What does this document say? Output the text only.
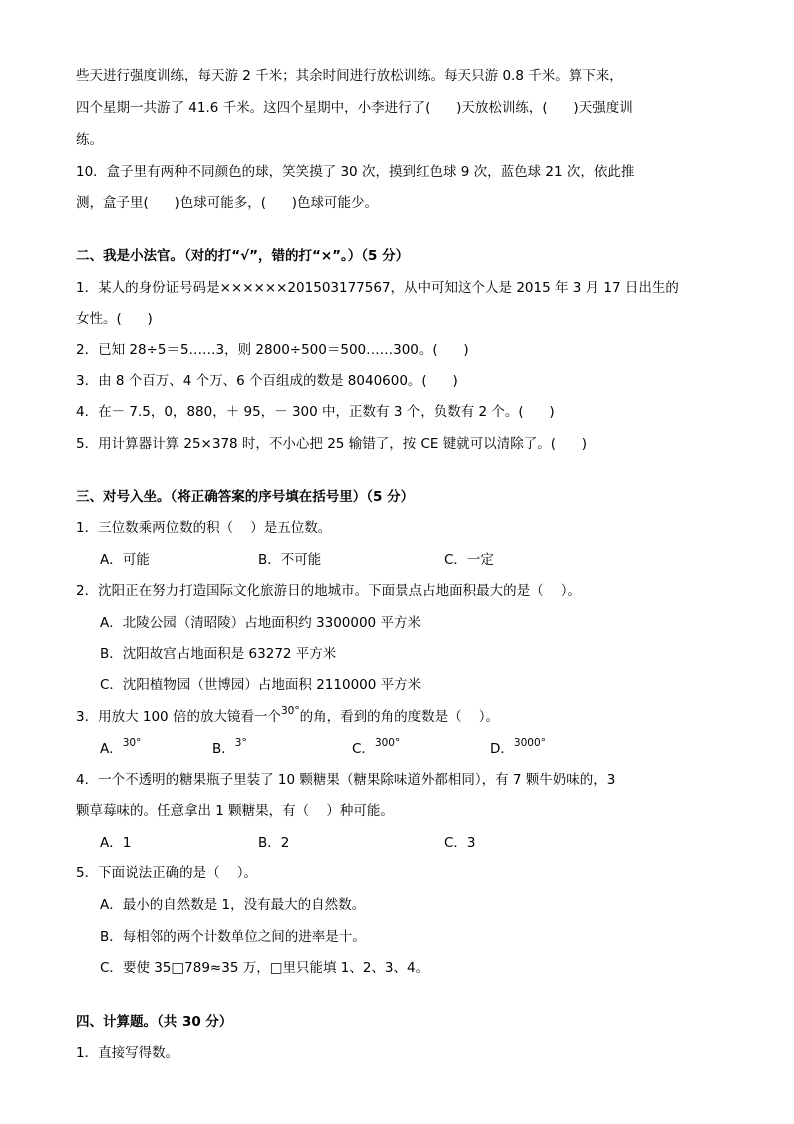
些天进行强度训练，每天游 2 千米；其余时间进行放松训练。每天只游 0.8 千米。算下来，
四个星期一共游了 41.6 千米。这四个星期中，小李进行了(      )天放松训练，(      )天强度训
练。
10．盒子里有两种不同颜色的球，笑笑摸了 30 次，摸到红色球 9 次，蓝色球 21 次，依此推
测，盒子里(      )色球可能多，(      )色球可能少。
二、我是小法官。（对的打“√”，错的打“×”。）（5 分）
1．某人的身份证号码是××××××201503177567，从中可知这个人是 2015 年 3 月 17 日出生的
女性。(      )
2．已知 28÷5＝5……3，则 2800÷500＝500……300。(      )
3．由 8 个百万、4 个万、6 个百组成的数是 8040600。(      )
4．在－ 7.5，0，880，＋ 95，－ 300 中，正数有 3 个，负数有 2 个。(      )
5．用计算器计算 25×378 时，不小心把 25 输错了，按 CE 键就可以清除了。(      )
三、对号入坐。（将正确答案的序号填在括号里）（5 分）
1．三位数乘两位数的积（    ）是五位数。
A．可能	B．不可能	C．一定
2．沈阳正在努力打造国际文化旅游日的地城市。下面景点占地面积最大的是（    ）。
A．北陵公园（清昭陵）占地面积约 3300000 平方米
B．沈阳故宫占地面积是 63272 平方米
C．沈阳植物园（世博园）占地面积 2110000 平方米
3．用放大 100 倍的放大镜看一个$^{30^\circ}$的角，看到的角的度数是（    ）。
A．$^{30^\circ}$	B．$^{3^\circ}$	C．$^{300^\circ}$	D．$^{3000^\circ}$
4．一个不透明的糖果瓶子里装了 10 颗糖果（糖果除味道外都相同），有 7 颗牛奶味的，3
颗草莓味的。任意拿出 1 颗糖果，有（    ）种可能。
A．1	B．2	C．3
5．下面说法正确的是（    ）。
A．最小的自然数是 1，没有最大的自然数。
B．每相邻的两个计数单位之间的进率是十。
C．要使 35□789≈35 万，□里只能填 1、2、3、4。
四、计算题。（共 30 分）
1．直接写得数。
